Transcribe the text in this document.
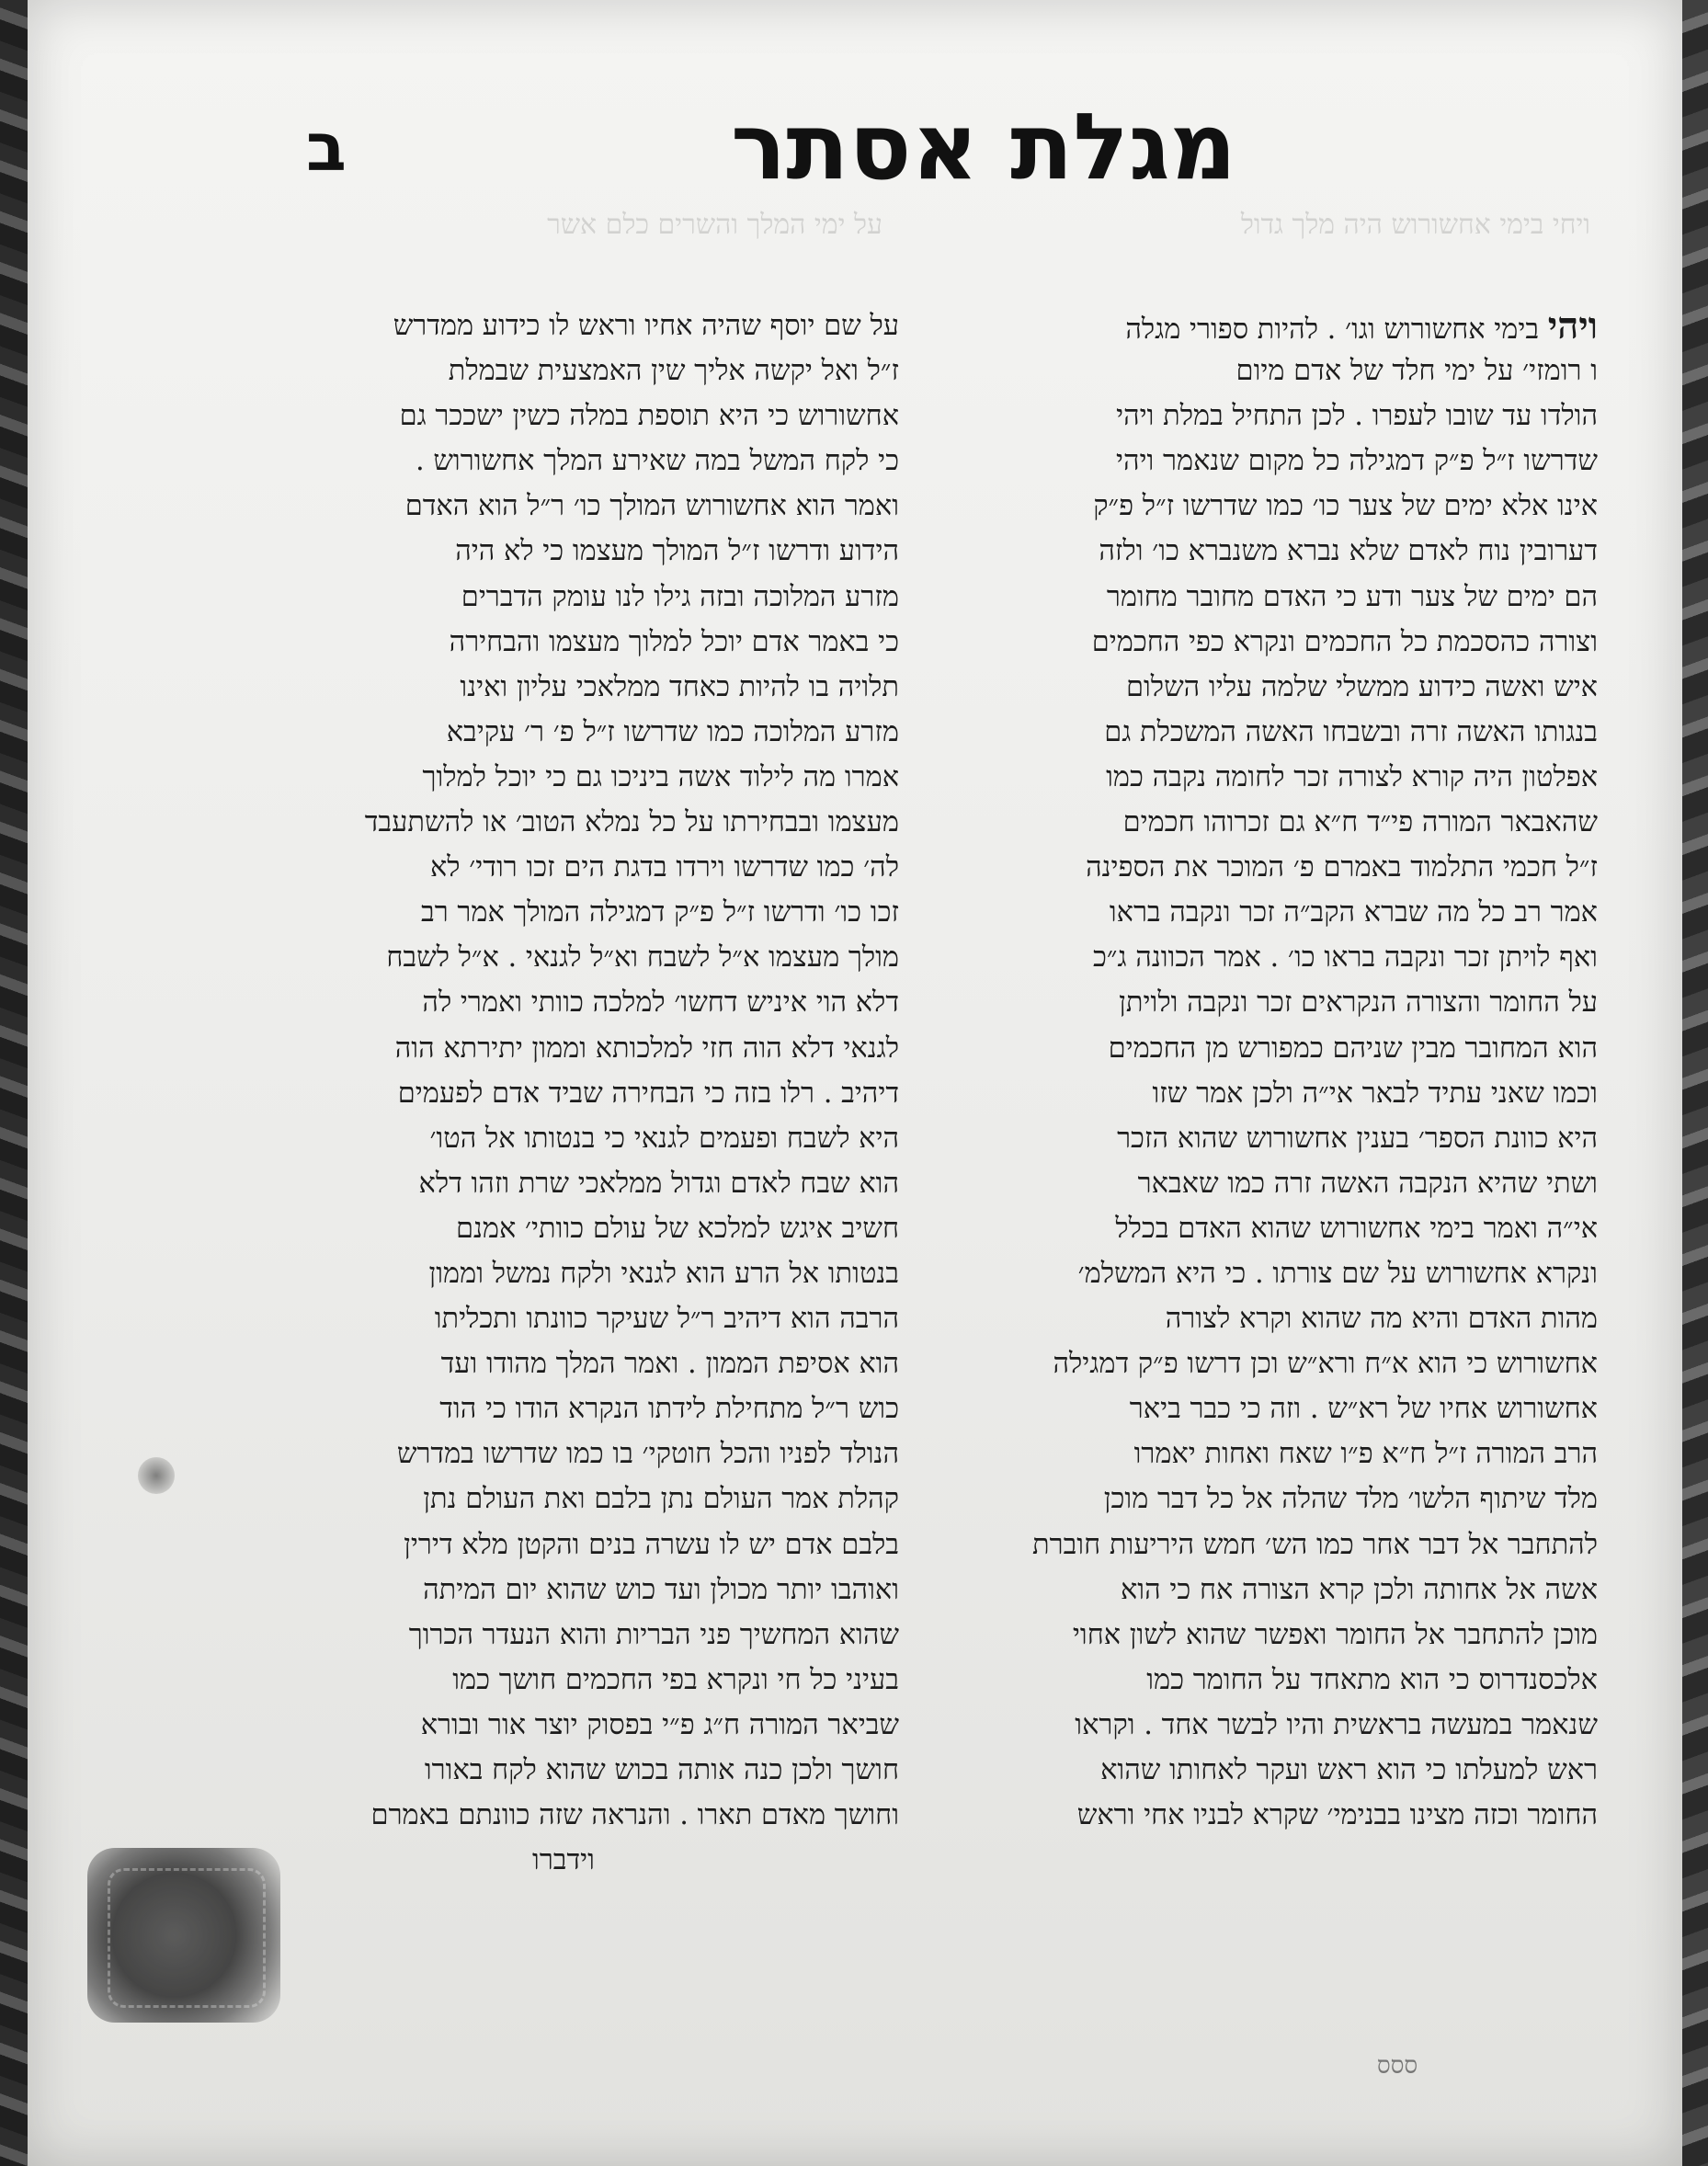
ויחי בימי אחשורוש היה מלך גדול
על ימי המלך והשרים כלם אשר
ב	מגלת אסתר
ויהי בימי אחשורוש וגו׳ . להיות ספורי מגלה
ו רומזי׳ על ימי חלד של אדם מיום
הולדו עד שובו לעפרו . לכן התחיל במלת ויהי
שדרשו ז״ל פ״ק דמגילה כל מקום שנאמר ויהי
אינו אלא ימים של צער כו׳ כמו שדרשו ז״ל פ״ק
דערובין נוח לאדם שלא נברא משנברא כו׳ ולזה
הם ימים של צער ודע כי האדם מחובר מחומר
וצורה כהסכמת כל החכמים ונקרא כפי החכמים
איש ואשה כידוע ממשלי שלמה עליו השלום
בנגותו האשה זרה ובשבחו האשה המשכלת גם
אפלטון היה קורא לצורה זכר לחומה נקבה כמו
שהאבאר המורה פי״ד ח״א גם זכרוהו חכמים
ז״ל חכמי התלמוד באמרם פ׳ המוכר את הספינה
אמר רב כל מה שברא הקב״ה זכר ונקבה בראו
ואף לויתן זכר ונקבה בראו כו׳ . אמר הכוונה ג״כ
על החומר והצורה הנקראים זכר ונקבה ולויתן
הוא המחובר מבין שניהם כמפורש מן החכמים
וכמו שאני עתיד לבאר אי״ה ולכן אמר שזו
היא כוונת הספר׳ בענין אחשורוש שהוא הזכר
ושתי שהיא הנקבה האשה זרה כמו שאבאר
אי״ה ואמר בימי אחשורוש שהוא האדם בכלל
ונקרא אחשורוש על שם צורתו . כי היא המשלמ׳
מהות האדם והיא מה שהוא וקרא לצורה
אחשורוש כי הוא א״ח ורא״ש וכן דרשו פ״ק דמגילה
אחשורוש אחיו של רא״ש . וזה כי כבר ביאר
הרב המורה ז״ל ח״א פ״ו שאח ואחות יאמרו
מלד שיתוף הלשו׳ מלד שהלה אל כל דבר מוכן
להתחבר אל דבר אחר כמו הש׳ חמש היריעות חוברת
אשה אל אחותה ולכן קרא הצורה אח כי הוא
מוכן להתחבר אל החומר ואפשר שהוא לשון אחוי
אלכסנדרוס כי הוא מתאחד על החומר כמו
שנאמר במעשה בראשית והיו לבשר אחד . וקראו
ראש למעלתו כי הוא ראש ועקר לאחותו שהוא
החומר וכזה מצינו בבנימי׳ שקרא לבניו אחי וראש
על שם יוסף שהיה אחיו וראש לו כידוע ממדרש
ז״ל ואל יקשה אליך שין האמצעית שבמלת
אחשורוש כי היא תוספת במלה כשין ישככר גם
כי לקח המשל במה שאירע המלך אחשורוש .
ואמר הוא אחשורוש המולך כו׳ ר״ל הוא האדם
הידוע ודרשו ז״ל המולך מעצמו כי לא היה
מזרע המלוכה ובזה גילו לנו עומק הדברים
כי באמר אדם יוכל למלוך מעצמו והבחירה
תלויה בו להיות כאחד ממלאכי עליון ואינו
מזרע המלוכה כמו שדרשו ז״ל פ׳ ר׳ עקיבא
אמרו מה לילוד אשה ביניכו גם כי יוכל למלוך
מעצמו ובבחירתו על כל נמלא הטוב׳ או להשתעבד
לה׳ כמו שדרשו וירדו בדגת הים זכו רודי׳ לא
זכו כו׳ ודרשו ז״ל פ״ק דמגילה המולך אמר רב
מולך מעצמו א״ל לשבח וא״ל לגנאי . א״ל לשבח
דלא הוי איניש דחשו׳ למלכה כוותי ואמרי לה
לגנאי דלא הוה חזי למלכותא וממון יתירתא הוה
דיהיב . רלו בזה כי הבחירה שביד אדם לפעמים
היא לשבח ופעמים לגנאי כי בנטותו אל הטו׳
הוא שבח לאדם וגדול ממלאכי שרת וזהו דלא
חשיב איגש למלכא של עולם כוותי׳ אמנם
בנטותו אל הרע הוא לגנאי ולקח נמשל וממון
הרבה הוא דיהיב ר״ל שעיקר כוונתו ותכליתו
הוא אסיפת הממון . ואמר המלך מהודו ועד
כוש ר״ל מתחילת לידתו הנקרא הודו כי הוד
הנולד לפניו והכל חוטקי׳ בו כמו שדרשו במדרש
קהלת אמר העולם נתן בלבם ואת העולם נתן
בלבם אדם יש לו עשרה בנים והקטן מלא דירין
ואוהבו יותר מכולן ועד כוש שהוא יום המיתה
שהוא המחשיך פני הבריות והוא הנעדר הכרוך
בעיני כל חי ונקרא בפי החכמים חושך כמו
שביאר המורה ח״ג פ״י בפסוק יוצר אור ובורא
חושך ולכן כנה אותה בכוש שהוא לקח באורו
וחושך מאדם תארו . והנראה שזה כוונתם באמרם
וידברו
ססס
